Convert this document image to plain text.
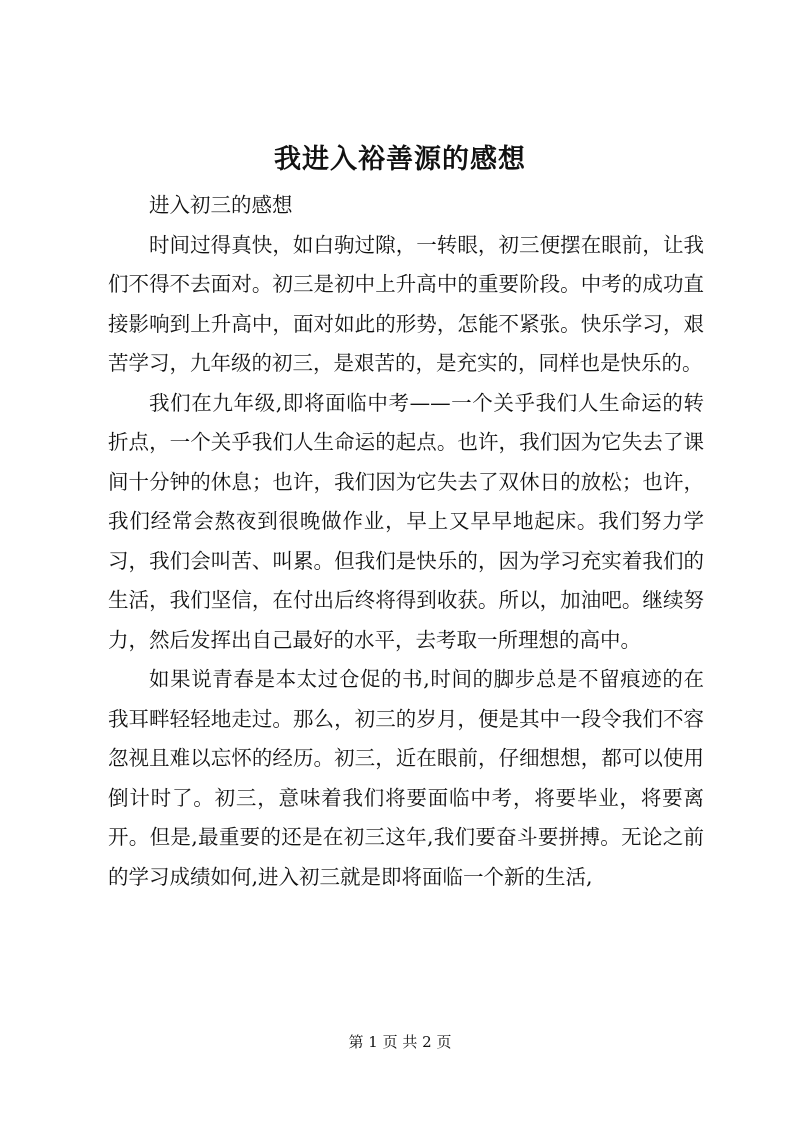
我进入裕善源的感想

进入初三的感想

时间过得真快，如白驹过隙，一转眼，初三便摆在眼前，让我们不得不去面对。初三是初中上升高中的重要阶段。中考的成功直接影响到上升高中，面对如此的形势，怎能不紧张。快乐学习，艰苦学习，九年级的初三，是艰苦的，是充实的，同样也是快乐的。

我们在九年级,即将面临中考——一个关乎我们人生命运的转折点，一个关乎我们人生命运的起点。也许，我们因为它失去了课间十分钟的休息；也许，我们因为它失去了双休日的放松；也许，我们经常会熬夜到很晚做作业，早上又早早地起床。我们努力学习，我们会叫苦、叫累。但我们是快乐的，因为学习充实着我们的生活，我们坚信，在付出后终将得到收获。所以，加油吧。继续努力，然后发挥出自己最好的水平，去考取一所理想的高中。

如果说青春是本太过仓促的书,时间的脚步总是不留痕迹的在我耳畔轻轻地走过。那么，初三的岁月，便是其中一段令我们不容忽视且难以忘怀的经历。初三，近在眼前，仔细想想，都可以使用倒计时了。初三，意味着我们将要面临中考，将要毕业，将要离开。但是,最重要的还是在初三这年,我们要奋斗要拼搏。无论之前的学习成绩如何,进入初三就是即将面临一个新的生活,

第 1 页 共 2 页
